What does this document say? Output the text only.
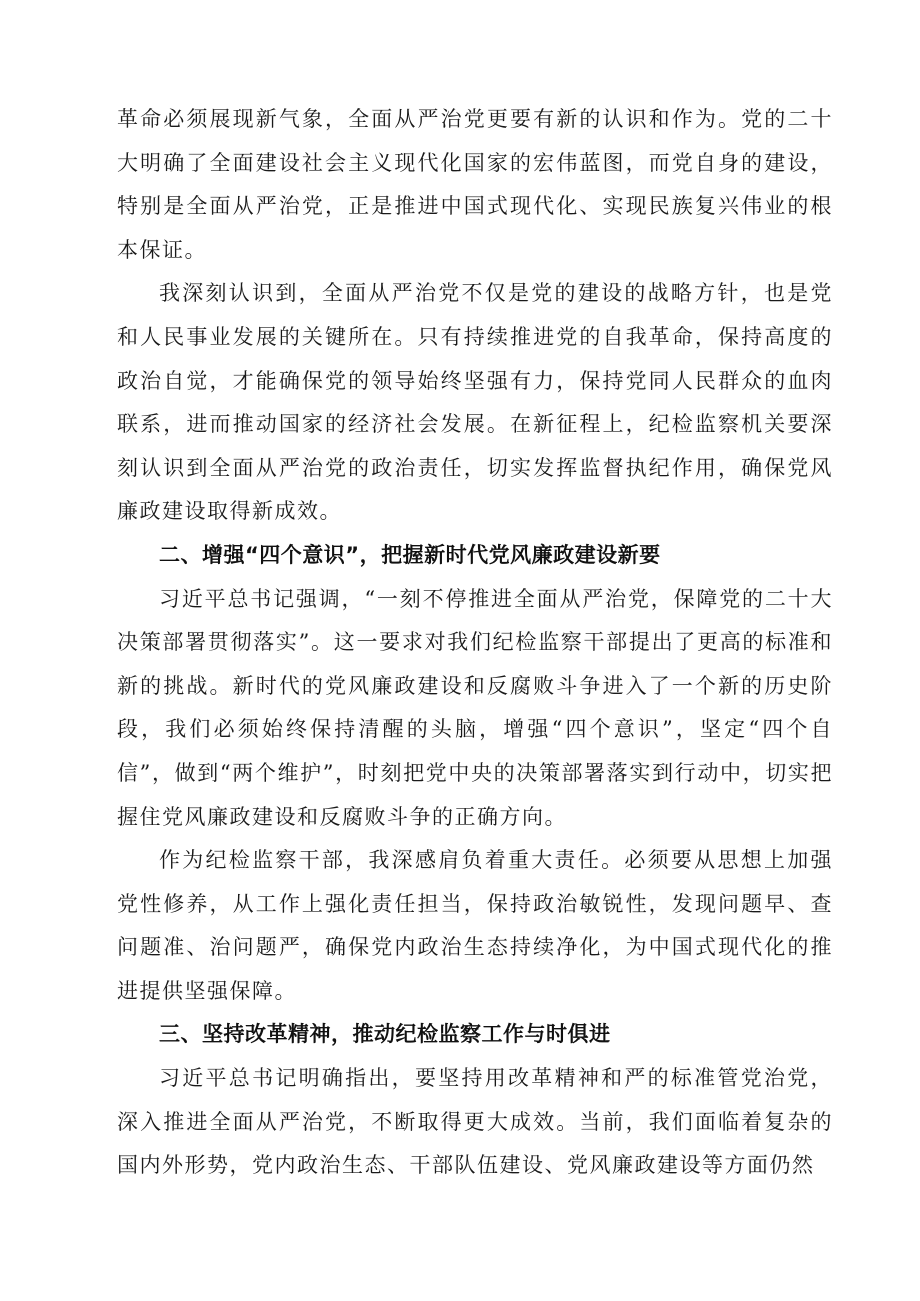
革命必须展现新气象，全面从严治党更要有新的认识和作为。党的二十大明确了全面建设社会主义现代化国家的宏伟蓝图，而党自身的建设，特别是全面从严治党，正是推进中国式现代化、实现民族复兴伟业的根本保证。

我深刻认识到，全面从严治党不仅是党的建设的战略方针，也是党和人民事业发展的关键所在。只有持续推进党的自我革命，保持高度的政治自觉，才能确保党的领导始终坚强有力，保持党同人民群众的血肉联系，进而推动国家的经济社会发展。在新征程上，纪检监察机关要深刻认识到全面从严治党的政治责任，切实发挥监督执纪作用，确保党风廉政建设取得新成效。

二、增强“四个意识”，把握新时代党风廉政建设新要

习近平总书记强调，“一刻不停推进全面从严治党，保障党的二十大决策部署贯彻落实”。这一要求对我们纪检监察干部提出了更高的标准和新的挑战。新时代的党风廉政建设和反腐败斗争进入了一个新的历史阶段，我们必须始终保持清醒的头脑，增强“四个意识”，坚定“四个自信”，做到“两个维护”，时刻把党中央的决策部署落实到行动中，切实把握住党风廉政建设和反腐败斗争的正确方向。

作为纪检监察干部，我深感肩负着重大责任。必须要从思想上加强党性修养，从工作上强化责任担当，保持政治敏锐性，发现问题早、查问题准、治问题严，确保党内政治生态持续净化，为中国式现代化的推进提供坚强保障。

三、坚持改革精神，推动纪检监察工作与时俱进

习近平总书记明确指出，要坚持用改革精神和严的标准管党治党，深入推进全面从严治党，不断取得更大成效。当前，我们面临着复杂的国内外形势，党内政治生态、干部队伍建设、党风廉政建设等方面仍然
